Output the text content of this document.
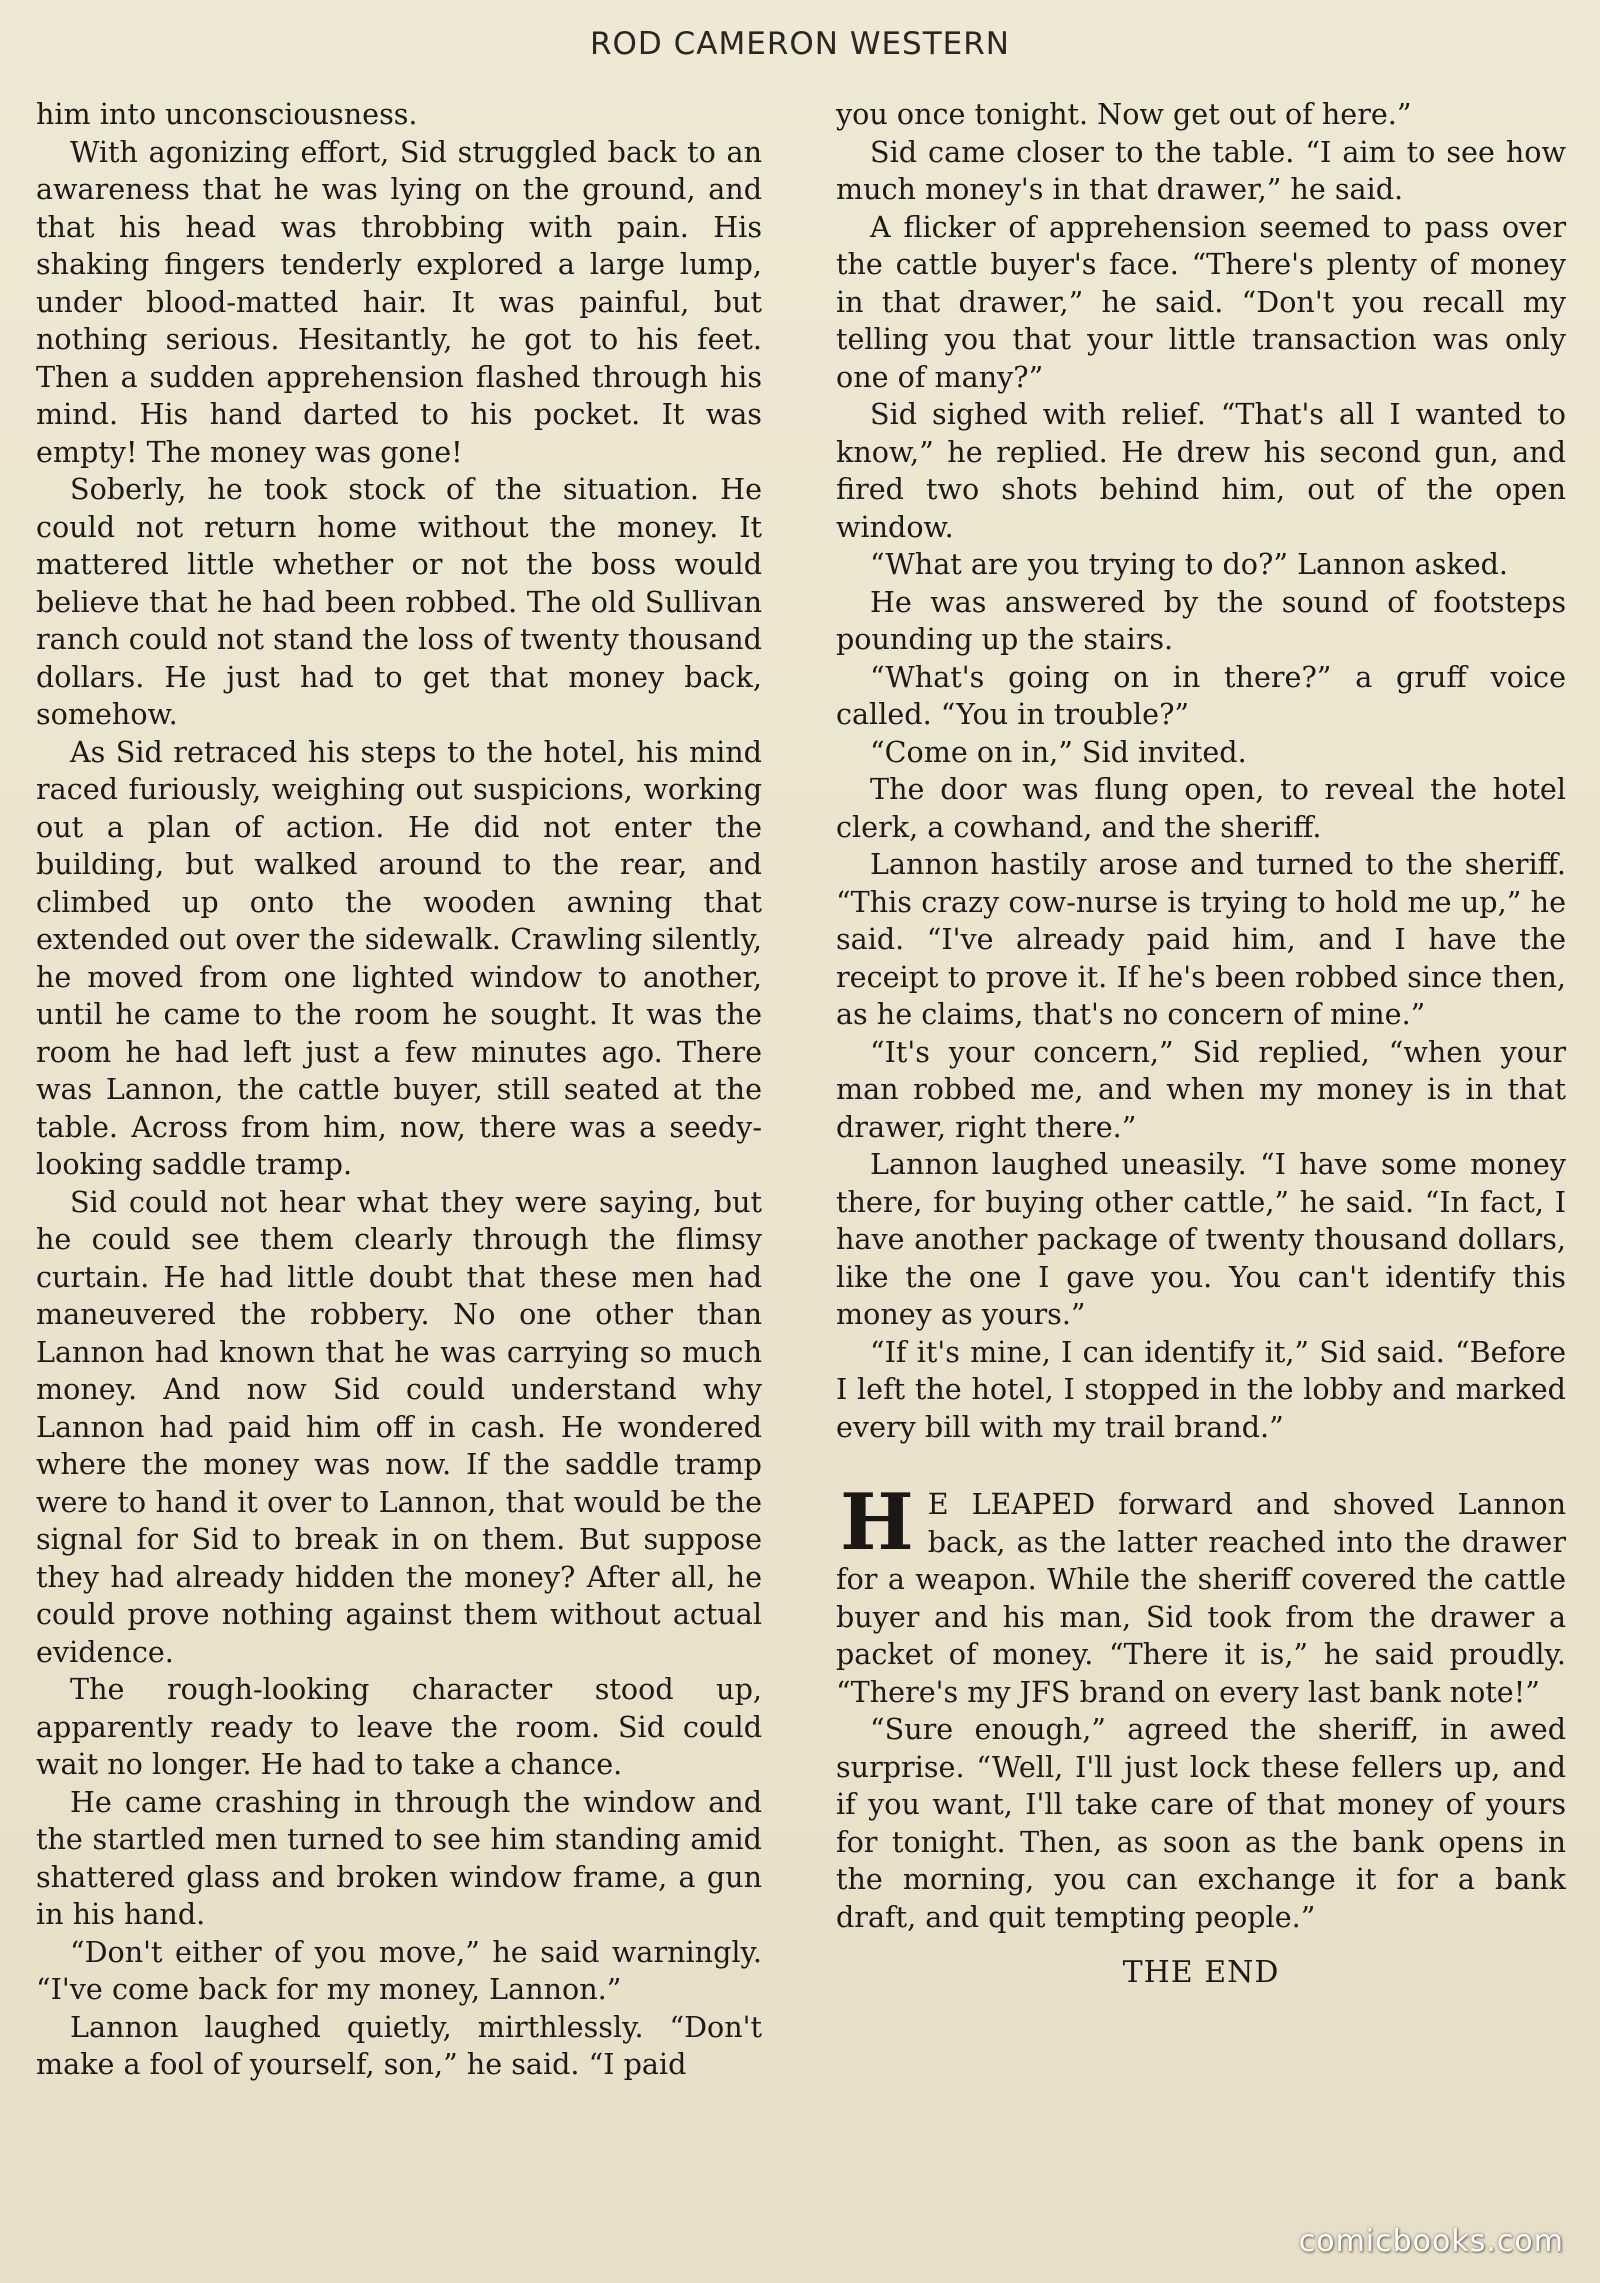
ROD CAMERON WESTERN

him into unconsciousness.

With agonizing effort, Sid struggled back to an awareness that he was lying on the ground, and that his head was throbbing with pain. His shaking fingers tenderly explored a large lump, under blood-matted hair. It was painful, but nothing serious. Hesitantly, he got to his feet. Then a sudden apprehension flashed through his mind. His hand darted to his pocket. It was empty! The money was gone!

Soberly, he took stock of the situation. He could not return home without the money. It mattered little whether or not the boss would believe that he had been robbed. The old Sullivan ranch could not stand the loss of twenty thousand dollars. He just had to get that money back, somehow.

As Sid retraced his steps to the hotel, his mind raced furiously, weighing out suspicions, working out a plan of action. He did not enter the building, but walked around to the rear, and climbed up onto the wooden awning that extended out over the sidewalk. Crawling silently, he moved from one lighted window to another, until he came to the room he sought. It was the room he had left just a few minutes ago. There was Lannon, the cattle buyer, still seated at the table. Across from him, now, there was a seedy-looking saddle tramp.

Sid could not hear what they were saying, but he could see them clearly through the flimsy curtain. He had little doubt that these men had maneuvered the robbery. No one other than Lannon had known that he was carrying so much money. And now Sid could understand why Lannon had paid him off in cash. He wondered where the money was now. If the saddle tramp were to hand it over to Lannon, that would be the signal for Sid to break in on them. But suppose they had already hidden the money? After all, he could prove nothing against them without actual evidence.

The rough-looking character stood up, apparently ready to leave the room. Sid could wait no longer. He had to take a chance.

He came crashing in through the window and the startled men turned to see him standing amid shattered glass and broken window frame, a gun in his hand.

“Don't either of you move,” he said warningly. “I've come back for my money, Lannon.”

Lannon laughed quietly, mirthlessly. “Don't make a fool of yourself, son,” he said. “I paid

you once tonight. Now get out of here.”

Sid came closer to the table. “I aim to see how much money's in that drawer,” he said.

A flicker of apprehension seemed to pass over the cattle buyer's face. “There's plenty of money in that drawer,” he said. “Don't you recall my telling you that your little transaction was only one of many?”

Sid sighed with relief. “That's all I wanted to know,” he replied. He drew his second gun, and fired two shots behind him, out of the open window.

“What are you trying to do?” Lannon asked.

He was answered by the sound of footsteps pounding up the stairs.

“What's going on in there?” a gruff voice called. “You in trouble?”

“Come on in,” Sid invited.

The door was flung open, to reveal the hotel clerk, a cowhand, and the sheriff.

Lannon hastily arose and turned to the sheriff. “This crazy cow-nurse is trying to hold me up,” he said. “I've already paid him, and I have the receipt to prove it. If he's been robbed since then, as he claims, that's no concern of mine.”

“It's your concern,” Sid replied, “when your man robbed me, and when my money is in that drawer, right there.”

Lannon laughed uneasily. “I have some money there, for buying other cattle,” he said. “In fact, I have another package of twenty thousand dollars, like the one I gave you. You can't identify this money as yours.”

“If it's mine, I can identify it,” Sid said. “Before I left the hotel, I stopped in the lobby and marked every bill with my trail brand.”

H E LEAPED forward and shoved Lannon back, as the latter reached into the drawer for a weapon. While the sheriff covered the cattle buyer and his man, Sid took from the drawer a packet of money. “There it is,” he said proudly. “There's my JFS brand on every last bank note!”

“Sure enough,” agreed the sheriff, in awed surprise. “Well, I'll just lock these fellers up, and if you want, I'll take care of that money of yours for tonight. Then, as soon as the bank opens in the morning, you can exchange it for a bank draft, and quit tempting people.”

THE END

comicbooks.com
